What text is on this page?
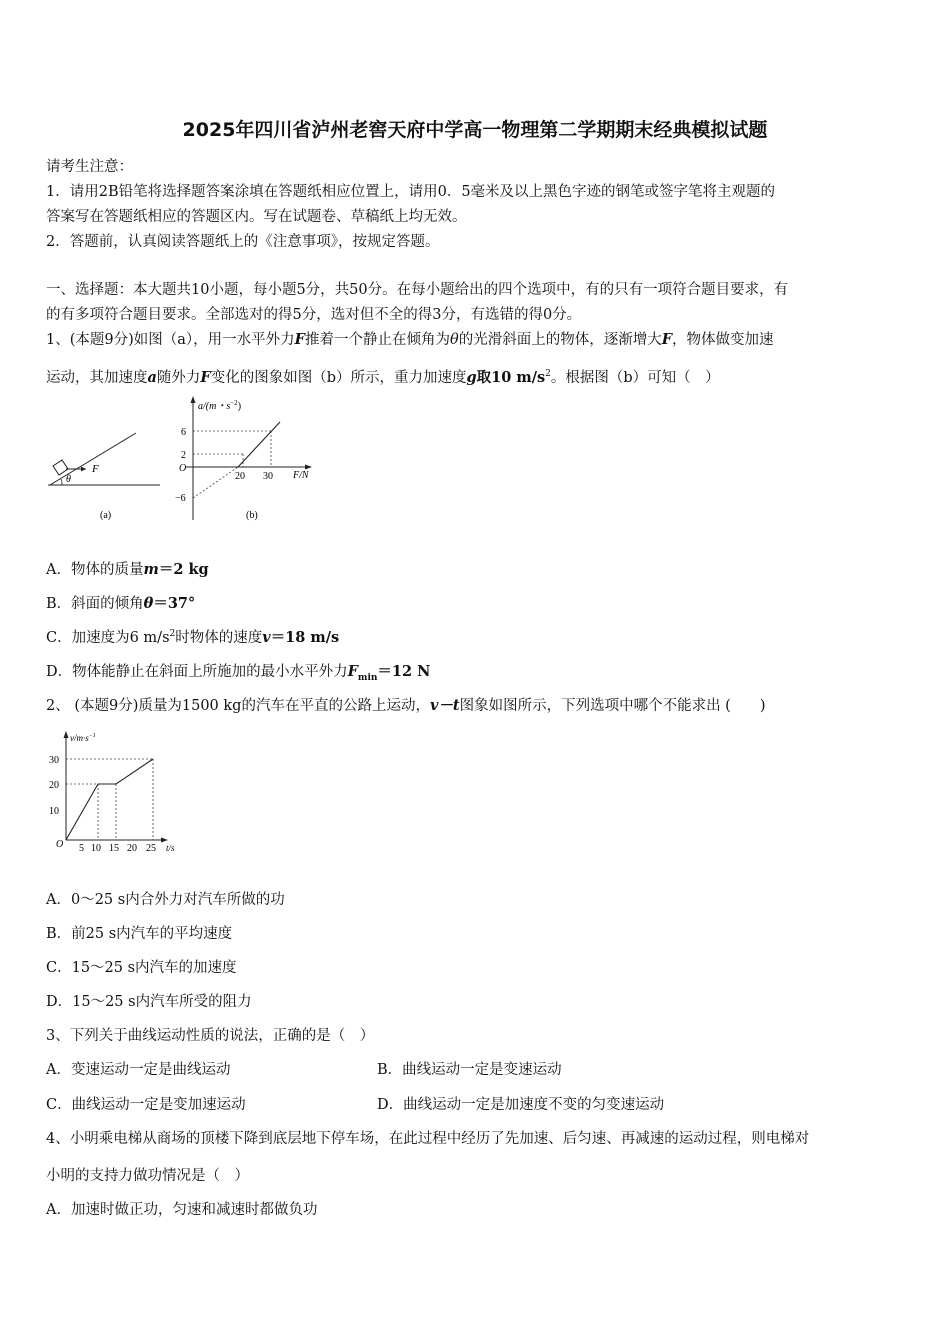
2025年四川省泸州老窖天府中学高一物理第二学期期末经典模拟试题
请考生注意：
1．请用2B铅笔将选择题答案涂填在答题纸相应位置上，请用0．5毫米及以上黑色字迹的钢笔或签字笔将主观题的
答案写在答题纸相应的答题区内。写在试题卷、草稿纸上均无效。
2．答题前，认真阅读答题纸上的《注意事项》，按规定答题。
一、选择题：本大题共10小题，每小题5分，共50分。在每小题给出的四个选项中，有的只有一项符合题目要求，有
的有多项符合题目要求。全部选对的得5分，选对但不全的得3分，有选错的得0分。
1、(本题9分)如图（a），用一水平外力F推着一个静止在倾角为θ的光滑斜面上的物体，逐渐增大F，物体做变加速
运动，其加速度a随外力F变化的图象如图（b）所示，重力加速度g取10 $m/s^2$。根据图（b）可知（　）
F
θ
(a)
a/(m・$s^{-2}$)
F/N
O
6
2
−6
20 30
(b)
A．物体的质量m＝2 kg
B．斜面的倾角θ＝37°
C．加速度为6 $m/s^2$时物体的速度v＝18 m/s
D．物体能静止在斜面上所施加的最小水平外力$F_{min}=12$ N
2、 (本题9分)质量为1500 kg的汽车在平直的公路上运动，v－t图象如图所示，下列选项中哪个不能求出 (　　)
$v/m\cdot s^{-1}$
t/s
O
30
20
10
5 10 15 20 25
A．0～25 s内合外力对汽车所做的功
B．前25 s内汽车的平均速度
C．15～25 s内汽车的加速度
D．15～25 s内汽车所受的阻力
3、下列关于曲线运动性质的说法，正确的是（　）
A．变速运动一定是曲线运动	B．曲线运动一定是变速运动
C．曲线运动一定是变加速运动	D．曲线运动一定是加速度不变的匀变速运动
4、小明乘电梯从商场的顶楼下降到底层地下停车场，在此过程中经历了先加速、后匀速、再减速的运动过程，则电梯对
小明的支持力做功情况是（　）
A．加速时做正功，匀速和减速时都做负功
